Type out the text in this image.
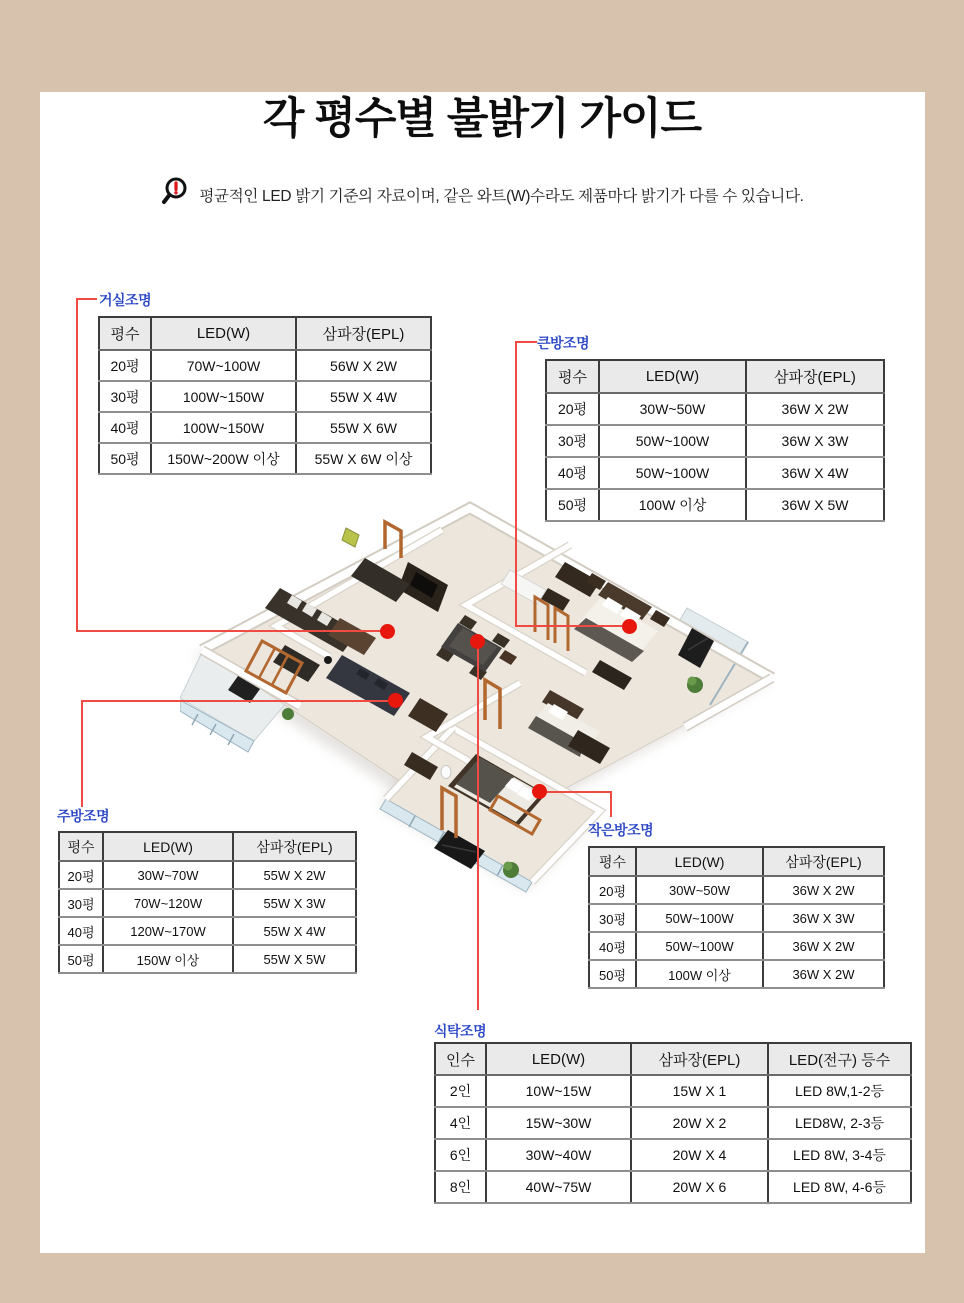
각 평수별 불밝기 가이드
평균적인 LED 밝기 기준의 자료이며, 같은 와트(W)수라도 제품마다 밝기가 다를 수 있습니다.
거실조명
평수	LED(W)	삼파장(EPL)
20평	70W~100W	56W X 2W
30평	100W~150W	55W X 4W
40평	100W~150W	55W X 6W
50평	150W~200W 이상	55W X 6W 이상
큰방조명
평수	LED(W)	삼파장(EPL)
20평	30W~50W	36W X 2W
30평	50W~100W	36W X 3W
40평	50W~100W	36W X 4W
50평	100W 이상	36W X 5W
주방조명
평수	LED(W)	삼파장(EPL)
20평	30W~70W	55W X 2W
30평	70W~120W	55W X 3W
40평	120W~170W	55W X 4W
50평	150W 이상	55W X 5W
작은방조명
평수	LED(W)	삼파장(EPL)
20평	30W~50W	36W X 2W
30평	50W~100W	36W X 3W
40평	50W~100W	36W X 2W
50평	100W 이상	36W X 2W
식탁조명
인수	LED(W)	삼파장(EPL)	LED(전구) 등수
2인	10W~15W	15W X 1	LED 8W,1-2등
4인	15W~30W	20W X 2	LED8W, 2-3등
6인	30W~40W	20W X 4	LED 8W, 3-4등
8인	40W~75W	20W X 6	LED 8W, 4-6등
